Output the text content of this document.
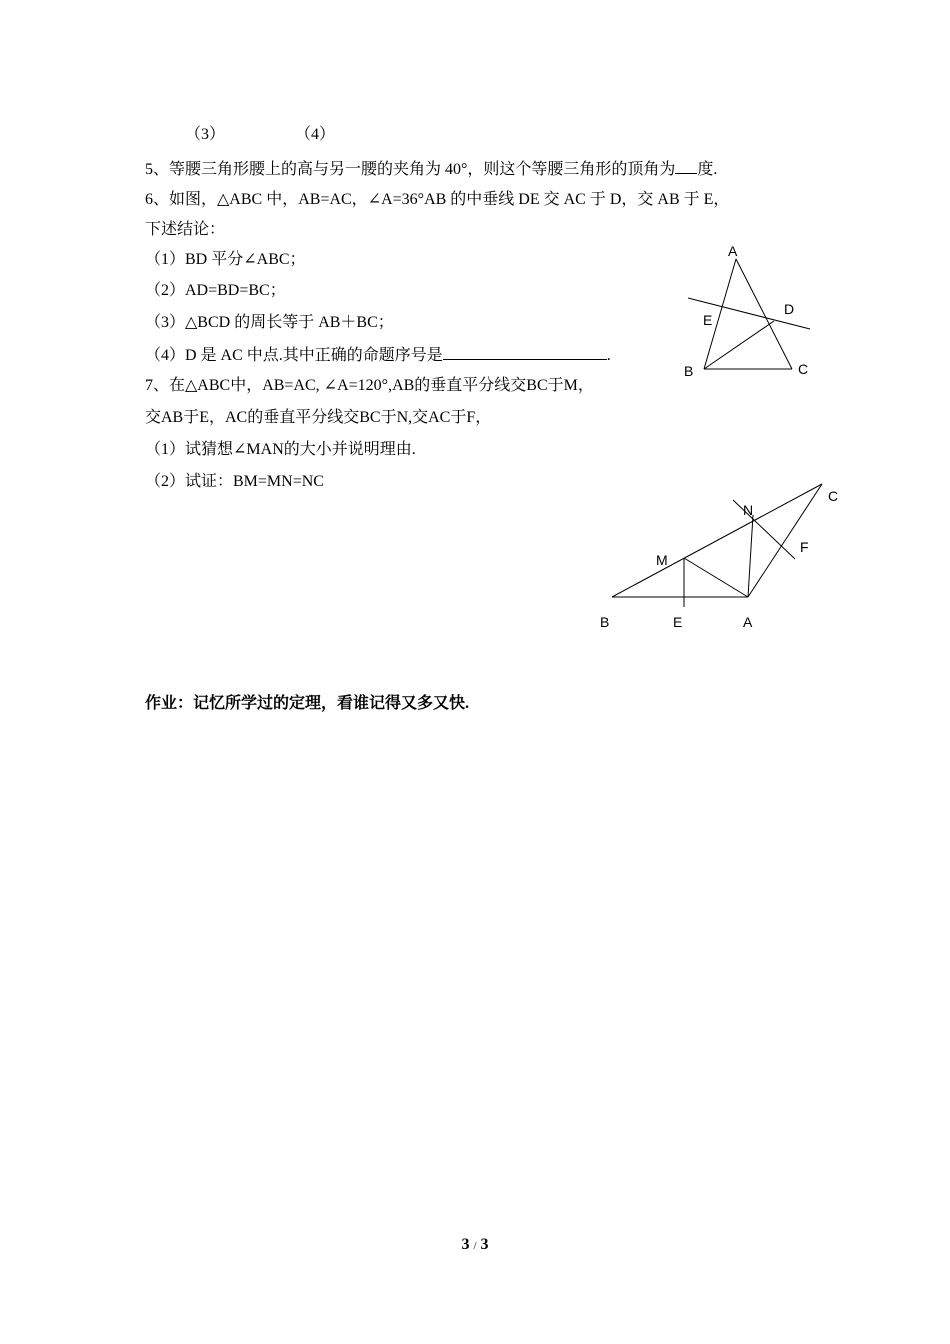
（3）	（4）
5、等腰三角形腰上的高与另一腰的夹角为 40°，则这个等腰三角形的顶角为 度.
6、如图，△ABC 中，AB=AC，∠A=36°AB 的中垂线 DE 交 AC 于 D，交 AB 于 E，
下述结论：
（1）BD 平分∠ABC；
（2）AD=BD=BC；
（3）△BCD 的周长等于 AB＋BC；
（4）D 是 AC 中点.其中正确的命题序号是	.
A
D
E
B	C
7、在△ABC中，AB=AC, ∠A=120°,AB的垂直平分线交BC于M，
交AB于E，AC的垂直平分线交BC于N,交AC于F，
（1）试猜想∠MAN的大小并说明理由.
（2）试证：BM=MN=NC
M
N
F
C
B	E	A
作业：记忆所学过的定理，看谁记得又多又快.
3 / 3
